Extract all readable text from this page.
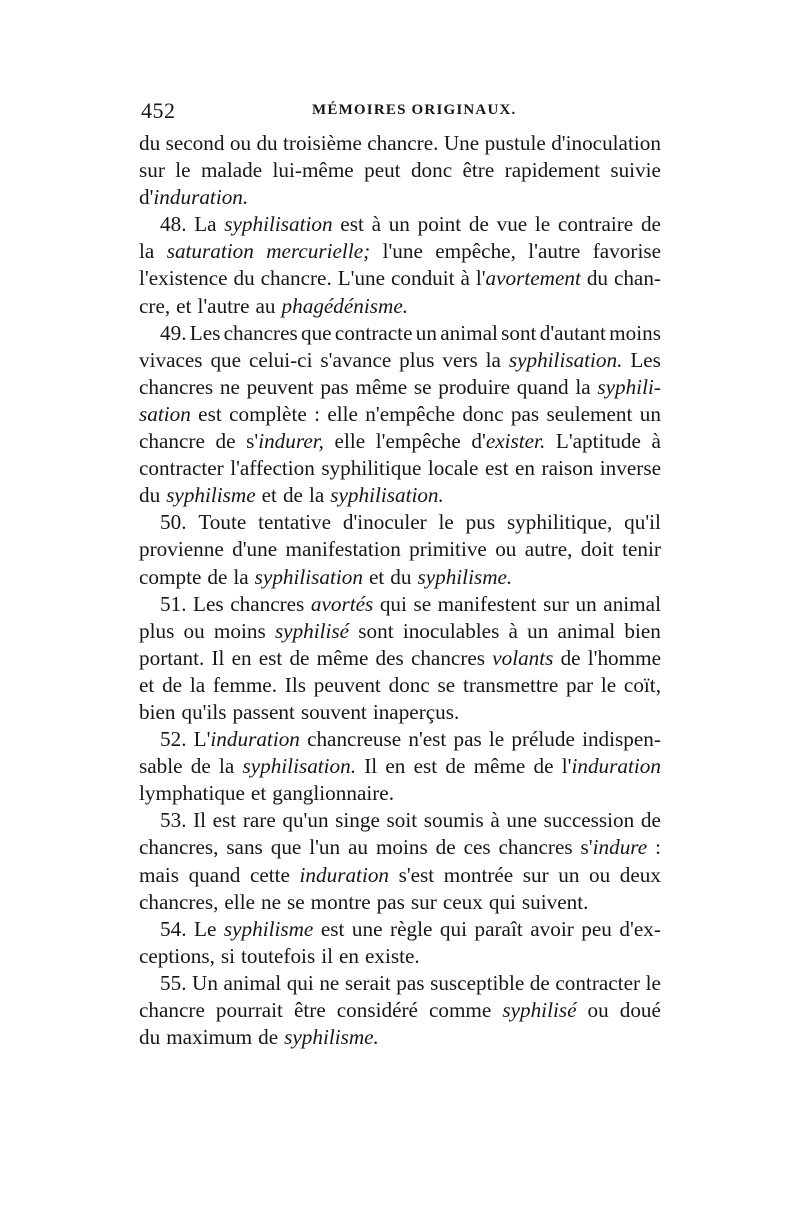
452	MÉMOIRES ORIGINAUX.
du second ou du troisième chancre. Une pustule d'inoculation
sur le malade lui-même peut donc être rapidement suivie
d'induration.
48. La syphilisation est à un point de vue le contraire de
la saturation mercurielle; l'une empêche, l'autre favorise
l'existence du chancre. L'une conduit à l'avortement du chan-
cre, et l'autre au phagédénisme.
49. Les chancres que contracte un animal sont d'autant moins
vivaces que celui-ci s'avance plus vers la syphilisation. Les
chancres ne peuvent pas même se produire quand la syphili-
sation est complète : elle n'empêche donc pas seulement un
chancre de s'indurer, elle l'empêche d'exister. L'aptitude à
contracter l'affection syphilitique locale est en raison inverse
du syphilisme et de la syphilisation.
50. Toute tentative d'inoculer le pus syphilitique, qu'il
provienne d'une manifestation primitive ou autre, doit tenir
compte de la syphilisation et du syphilisme.
51. Les chancres avortés qui se manifestent sur un animal
plus ou moins syphilisé sont inoculables à un animal bien
portant. Il en est de même des chancres volants de l'homme
et de la femme. Ils peuvent donc se transmettre par le coït,
bien qu'ils passent souvent inaperçus.
52. L'induration chancreuse n'est pas le prélude indispen-
sable de la syphilisation. Il en est de même de l'induration
lymphatique et ganglionnaire.
53. Il est rare qu'un singe soit soumis à une succession de
chancres, sans que l'un au moins de ces chancres s'indure :
mais quand cette induration s'est montrée sur un ou deux
chancres, elle ne se montre pas sur ceux qui suivent.
54. Le syphilisme est une règle qui paraît avoir peu d'ex-
ceptions, si toutefois il en existe.
55. Un animal qui ne serait pas susceptible de contracter le
chancre pourrait être considéré comme syphilisé ou doué
du maximum de syphilisme.
